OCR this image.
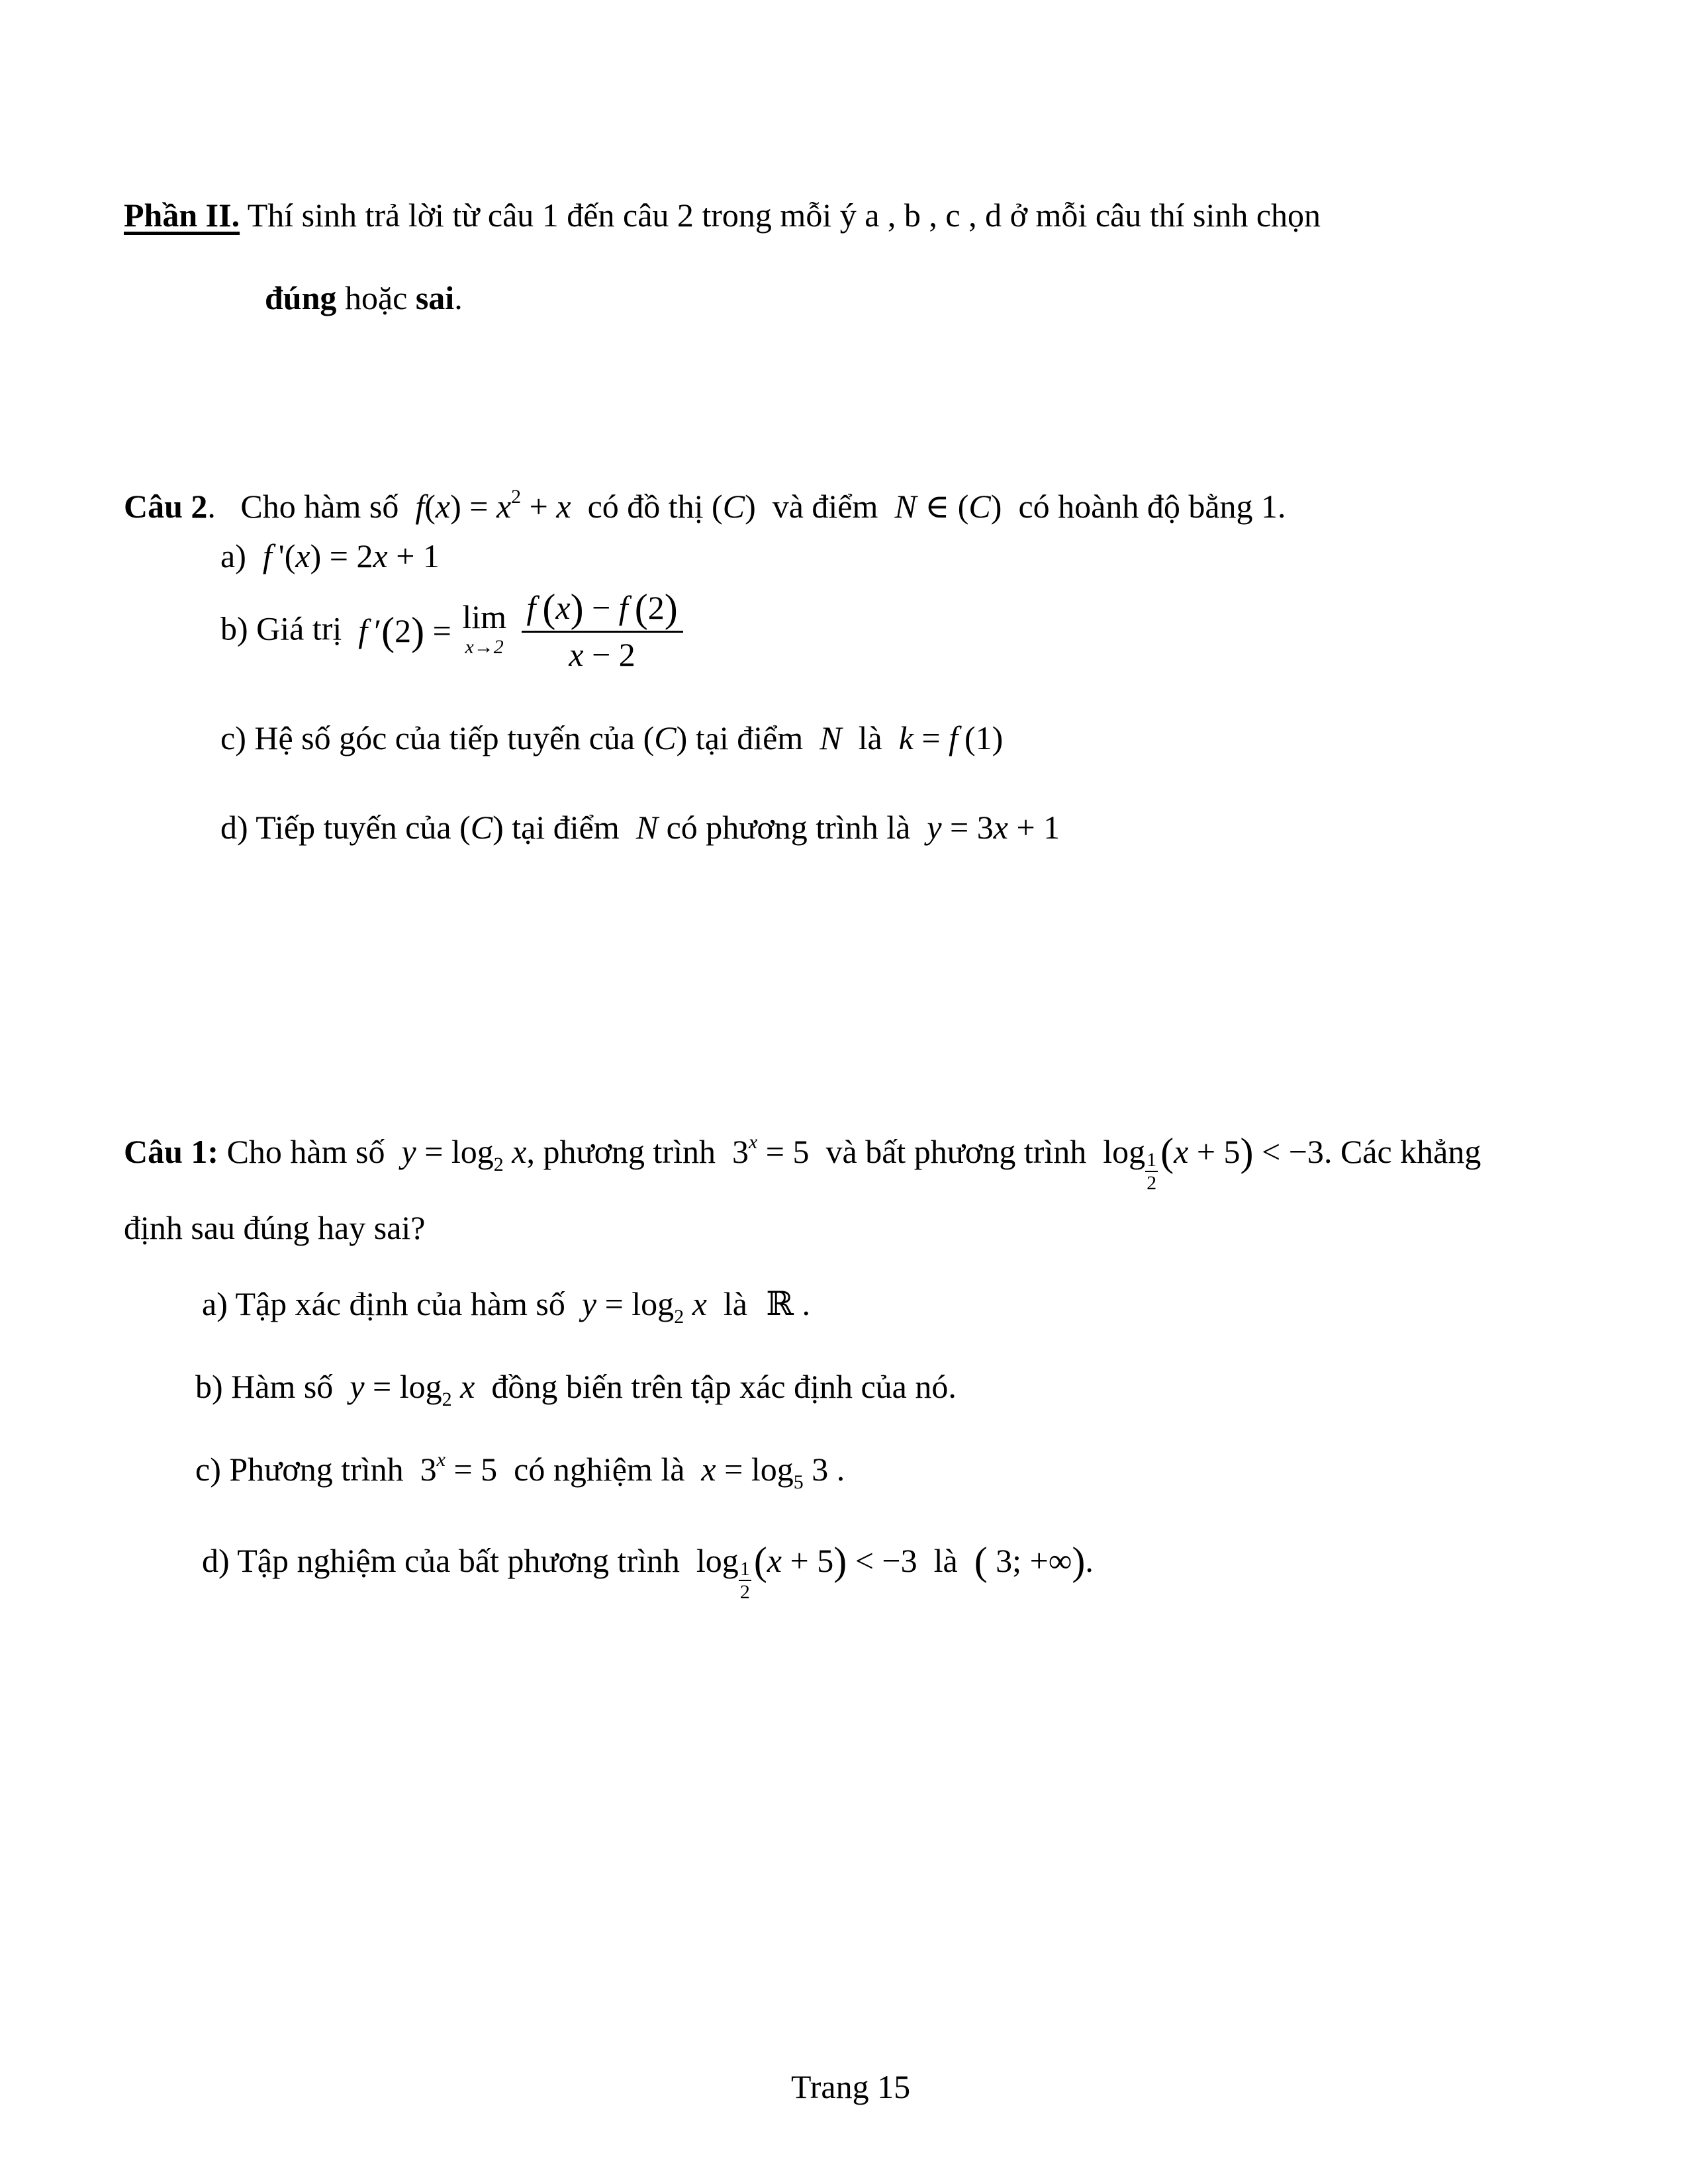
Phần II. Thí sinh trả lời từ câu 1 đến câu 2 trong mỗi ý a , b , c , d ở mỗi câu thí sinh chọn
đúng hoặc sai.
Câu 2.   Cho hàm số  $f(x) = x^2 + x$ có đồ thị (C)  và điểm  N ∈ (C)  có hoành độ bằng 1.
a)  f '(x) = 2x + 1
b) Giá trị f ′(2) = lim
x→2
$\frac{f (x) - f (2)}{x - 2}$
c) Hệ số góc của tiếp tuyến của (C) tại điểm  N  là  k = f (1)
d) Tiếp tuyến của (C) tại điểm  N có phương trình là  y = 3x + 1
Câu 1: Cho hàm số  $y = \log_2 x$, phương trình  $3^x = 5$  và bất phương trình  $\log \frac{1}{2} (x + 5) < -3$. Các khẳng
định sau đúng hay sai?
a) Tập xác định của hàm số  $y = \log_2 x$ là  ℝ .
b) Hàm số  $y = \log_2 x$ đồng biến trên tập xác định của nó.
c) Phương trình  $3^x = 5$  có nghiệm là  $x = \log_5 3$ .
d) Tập nghiệm của bất phương trình  $\log \frac{1}{2} (x + 5) < -3$  là ( 3; +∞).
Trang 15
